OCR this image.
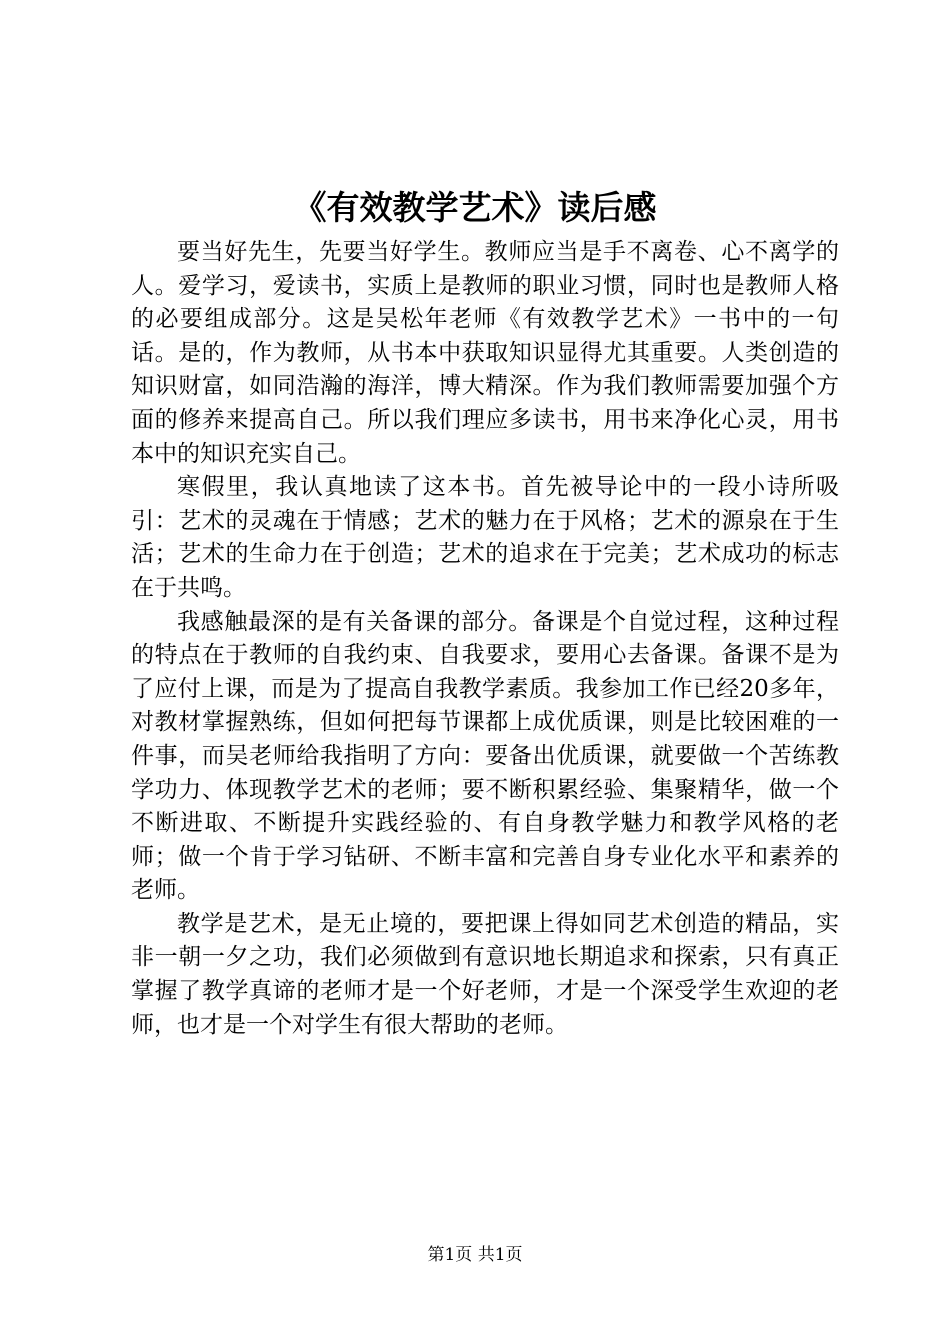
《有效教学艺术》读后感

要当好先生，先要当好学生。教师应当是手不离卷、心不离学的人。爱学习，爱读书，实质上是教师的职业习惯，同时也是教师人格的必要组成部分。这是吴松年老师《有效教学艺术》一书中的一句话。是的，作为教师，从书本中获取知识显得尤其重要。人类创造的知识财富，如同浩瀚的海洋，博大精深。作为我们教师需要加强个方面的修养来提高自己。所以我们理应多读书，用书来净化心灵，用书本中的知识充实自己。

寒假里，我认真地读了这本书。首先被导论中的一段小诗所吸引：艺术的灵魂在于情感；艺术的魅力在于风格；艺术的源泉在于生活；艺术的生命力在于创造；艺术的追求在于完美；艺术成功的标志在于共鸣。

我感触最深的是有关备课的部分。备课是个自觉过程，这种过程的特点在于教师的自我约束、自我要求，要用心去备课。备课不是为了应付上课，而是为了提高自我教学素质。我参加工作已经20多年，对教材掌握熟练，但如何把每节课都上成优质课，则是比较困难的一件事，而吴老师给我指明了方向：要备出优质课，就要做一个苦练教学功力、体现教学艺术的老师；要不断积累经验、集聚精华，做一个不断进取、不断提升实践经验的、有自身教学魅力和教学风格的老师；做一个肯于学习钻研、不断丰富和完善自身专业化水平和素养的老师。

教学是艺术，是无止境的，要把课上得如同艺术创造的精品，实非一朝一夕之功，我们必须做到有意识地长期追求和探索，只有真正掌握了教学真谛的老师才是一个好老师，才是一个深受学生欢迎的老师，也才是一个对学生有很大帮助的老师。

第1页 共1页
